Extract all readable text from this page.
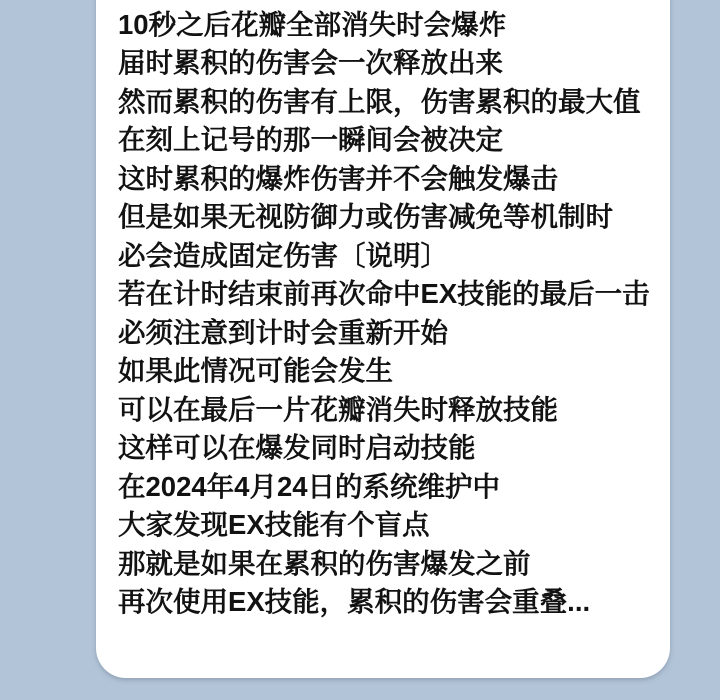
10秒之后花瓣全部消失时会爆炸
届时累积的伤害会一次释放出来
然而累积的伤害有上限，伤害累积的最大值
在刻上记号的那一瞬间会被决定
这时累积的爆炸伤害并不会触发爆击
但是如果无视防御力或伤害减免等机制时
必会造成固定伤害〔说明〕
若在计时结束前再次命中EX技能的最后一击
必须注意到计时会重新开始
如果此情况可能会发生
可以在最后一片花瓣消失时释放技能
这样可以在爆发同时启动技能
在2024年4月24日的系统维护中
大家发现EX技能有个盲点
那就是如果在累积的伤害爆发之前
再次使用EX技能，累积的伤害会重叠...
